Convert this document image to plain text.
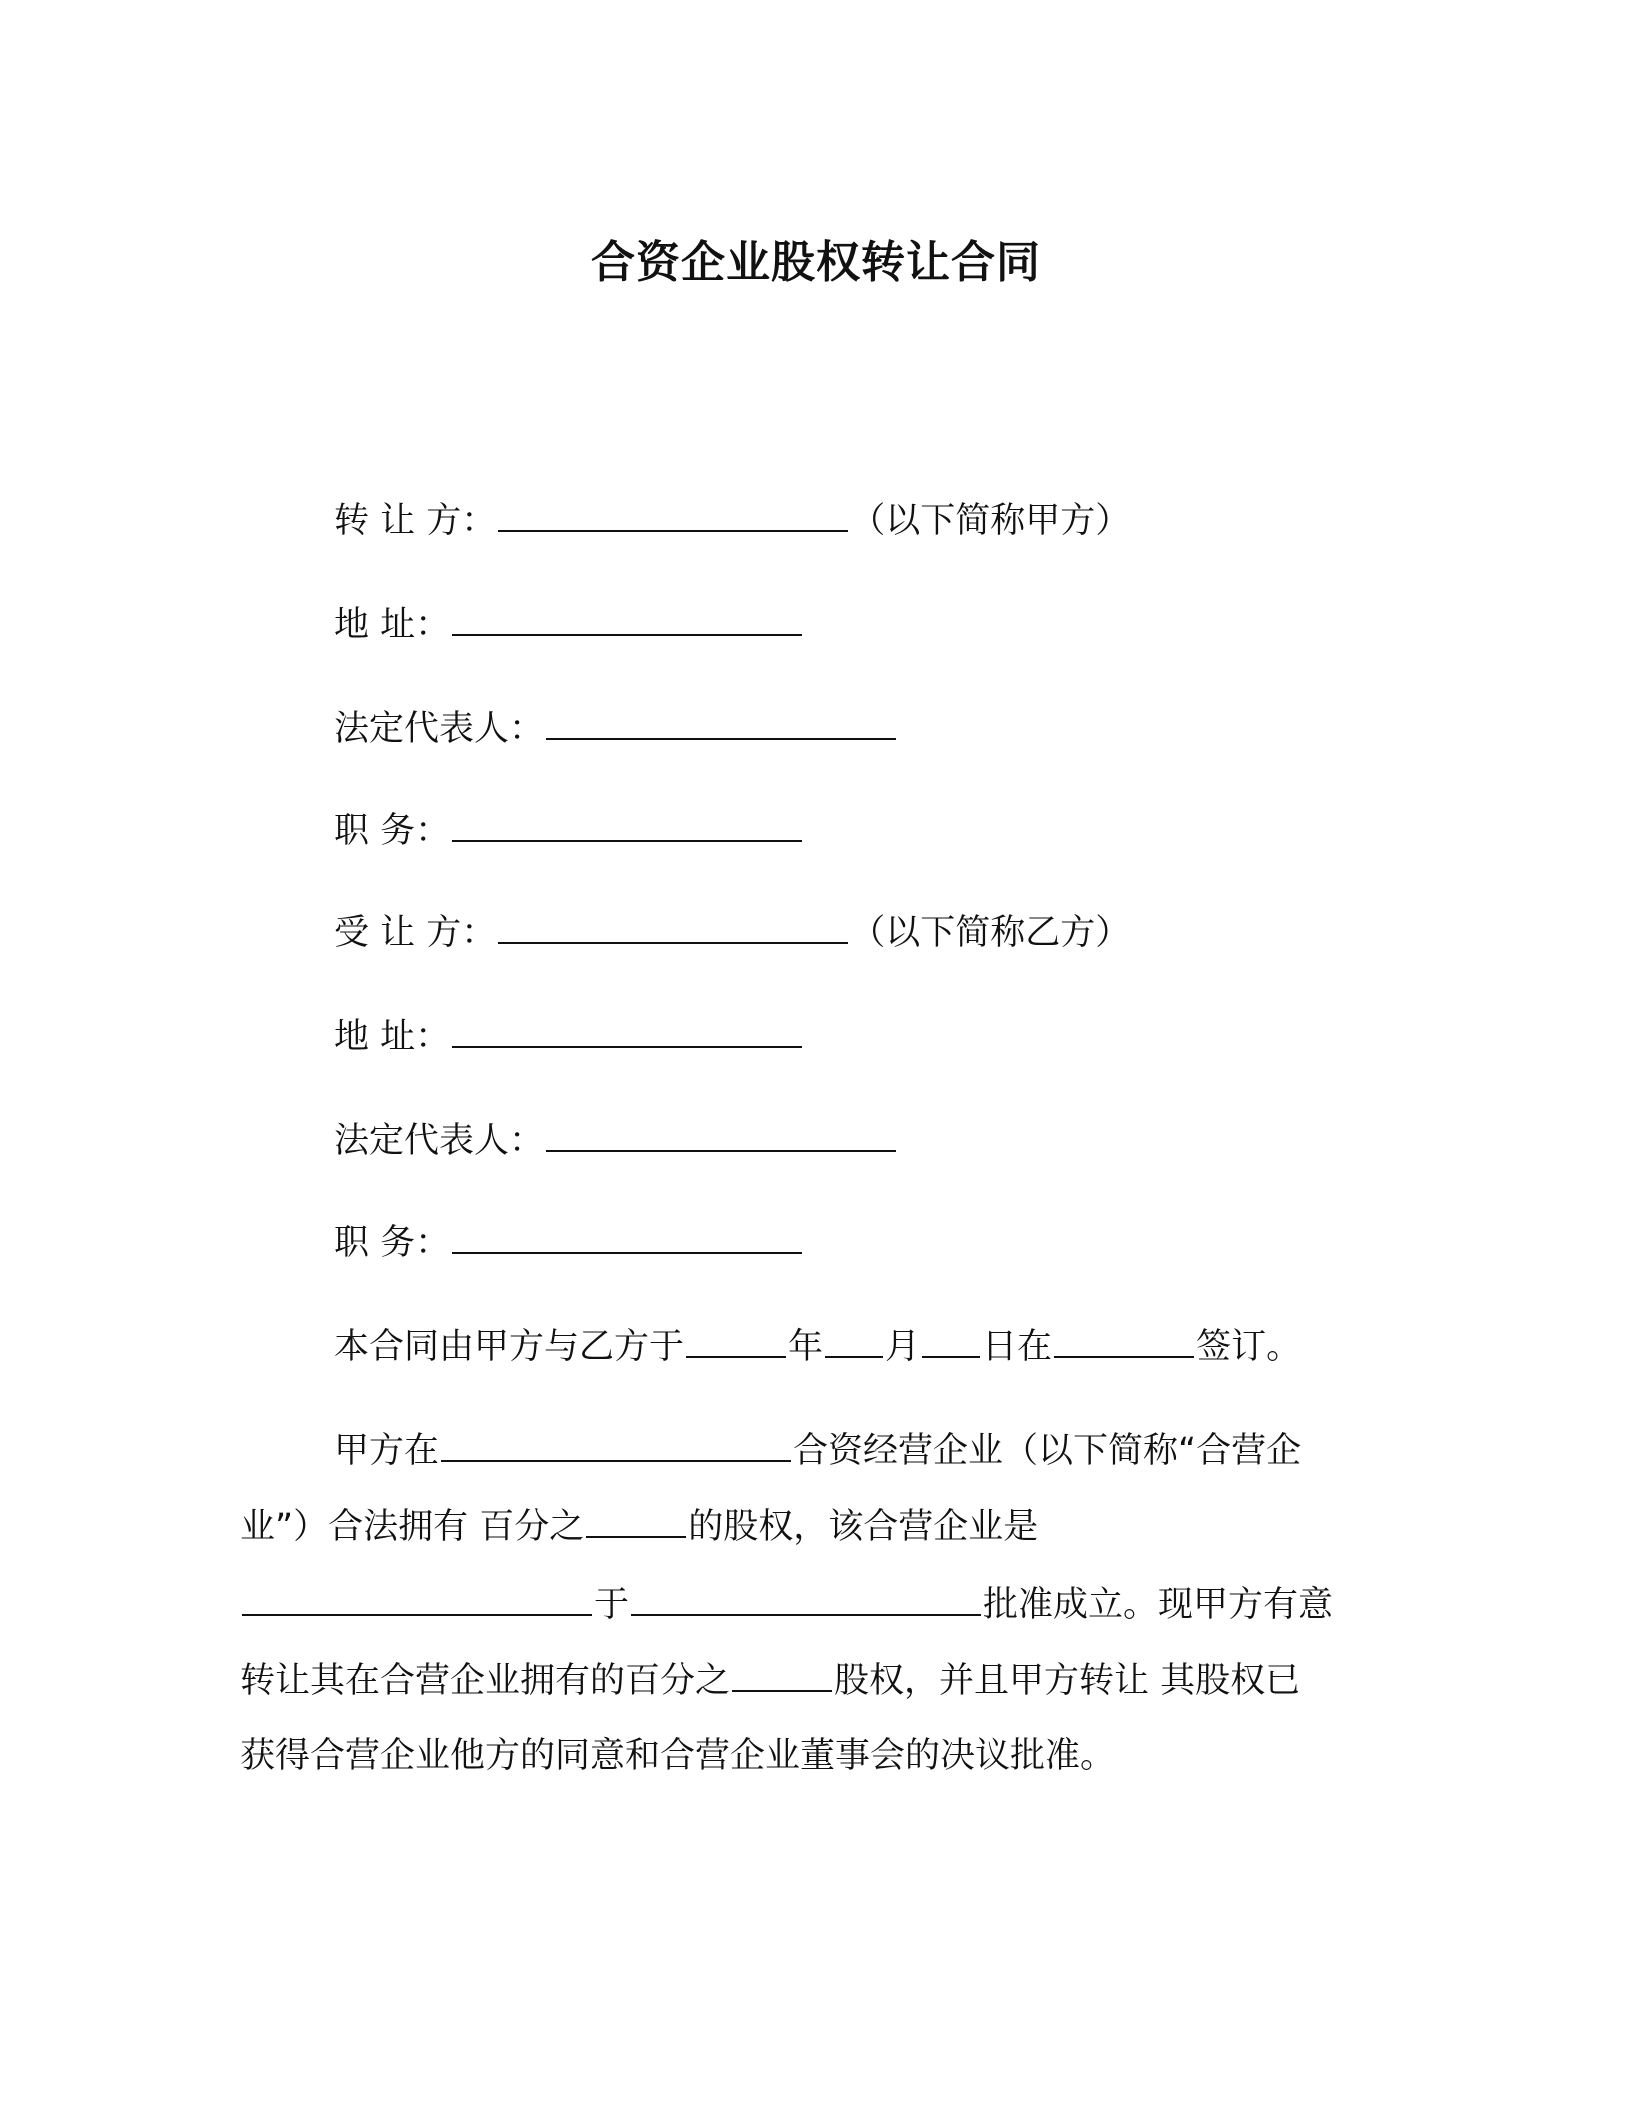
合资企业股权转让合同
转 让 方：	（以下简称甲方）
地 址：
法定代表人：
职 务：
受 让 方：	（以下简称乙方）
地 址：
法定代表人：
职 务：
本合同由甲方与乙方于	年 月 日在	签订。
甲方在	合资经营企业（以下简称“合营企
业”）合法拥有 百分之	的股权，该合营企业是
于	批准成立。现甲方有意
转让其在合营企业拥有的百分之	股权，并且甲方转让 其股权已
获得合营企业他方的同意和合营企业董事会的决议批准。
